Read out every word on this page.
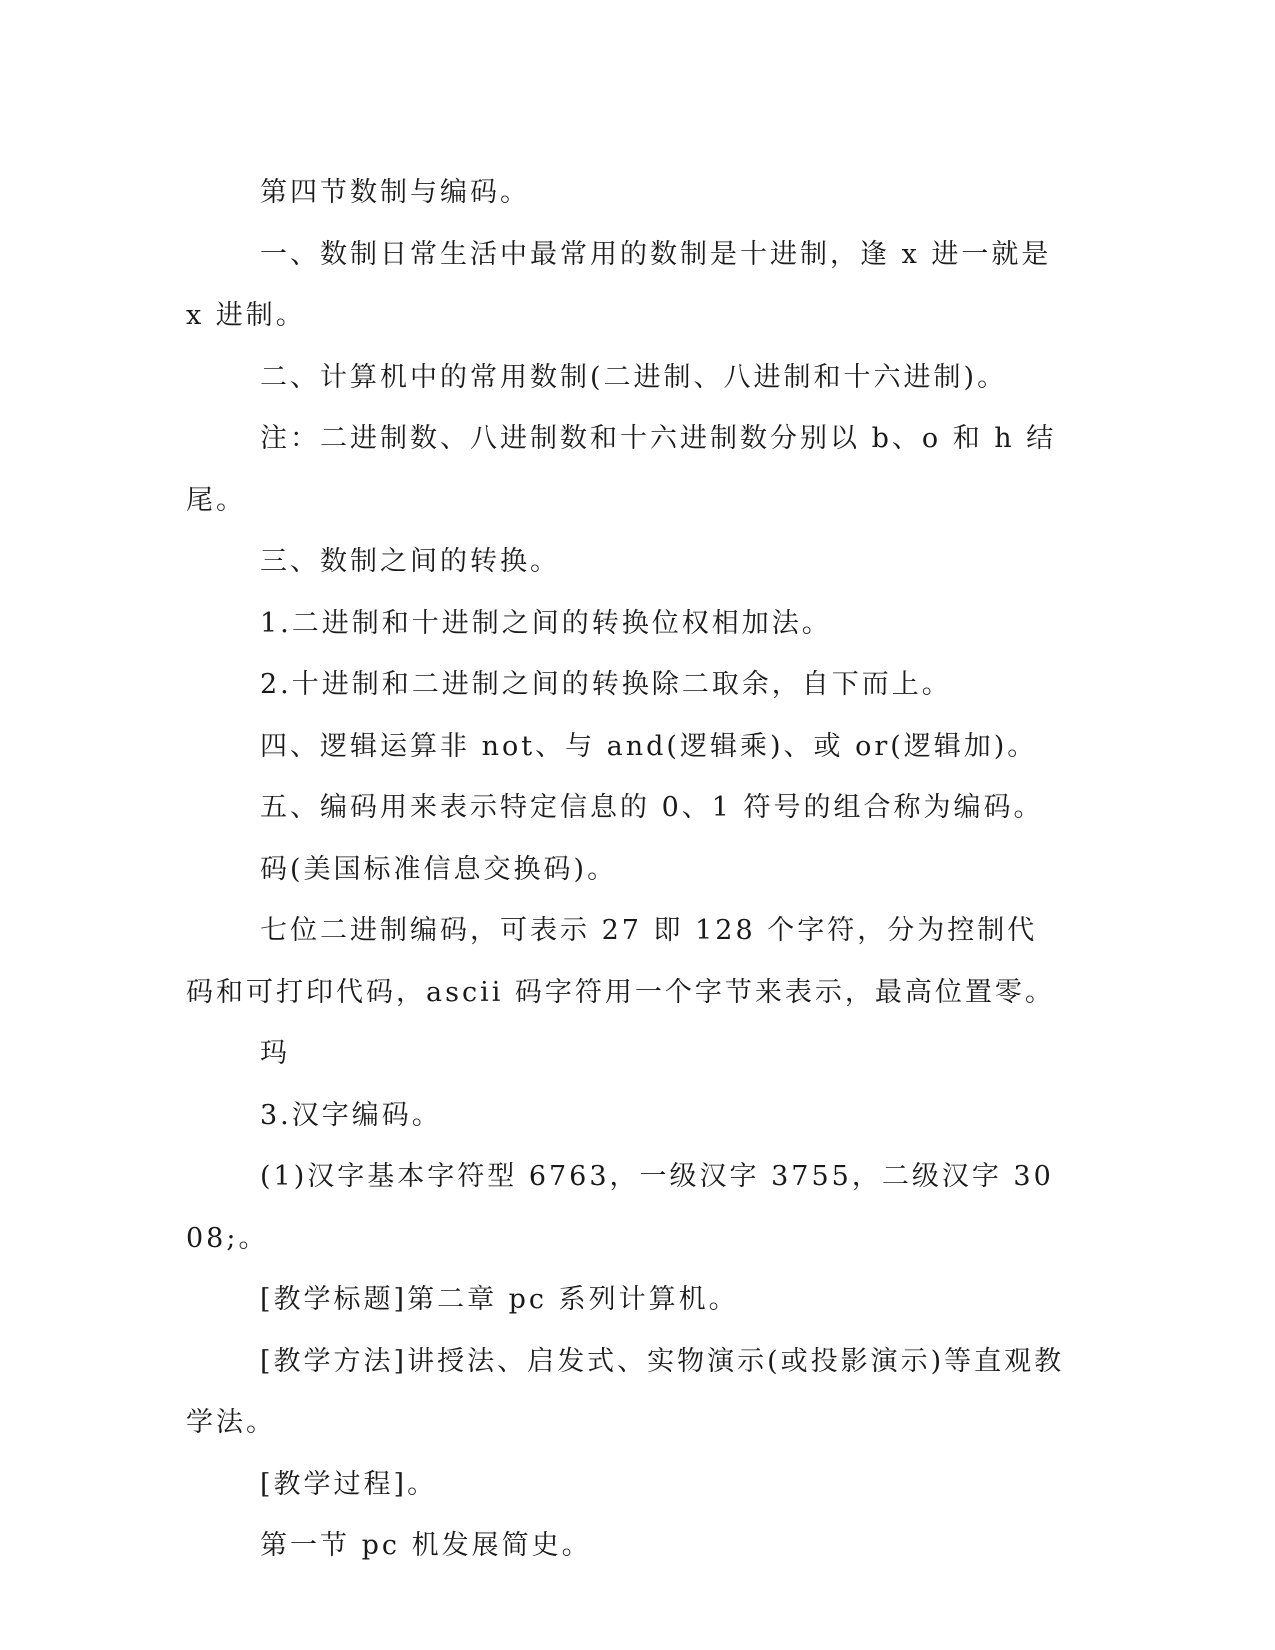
第四节数制与编码。

一、数制日常生活中最常用的数制是十进制，逢 x 进一就是 x 进制。

二、计算机中的常用数制(二进制、八进制和十六进制)。

注：二进制数、八进制数和十六进制数分别以 b、o 和 h 结尾。

三、数制之间的转换。

1.二进制和十进制之间的转换位权相加法。

2.十进制和二进制之间的转换除二取余，自下而上。

四、逻辑运算非 not、与 and(逻辑乘)、或 or(逻辑加)。

五、编码用来表示特定信息的 0、1 符号的组合称为编码。

码(美国标准信息交换码)。

七位二进制编码，可表示 27 即 128 个字符，分为控制代码和可打印代码，ascii 码字符用一个字节来表示，最高位置零。

玛

3.汉字编码。

(1)汉字基本字符型 6763，一级汉字 3755，二级汉字 3008;。

[教学标题]第二章 pc 系列计算机。

[教学方法]讲授法、启发式、实物演示(或投影演示)等直观教学法。

[教学过程]。

第一节 pc 机发展简史。
